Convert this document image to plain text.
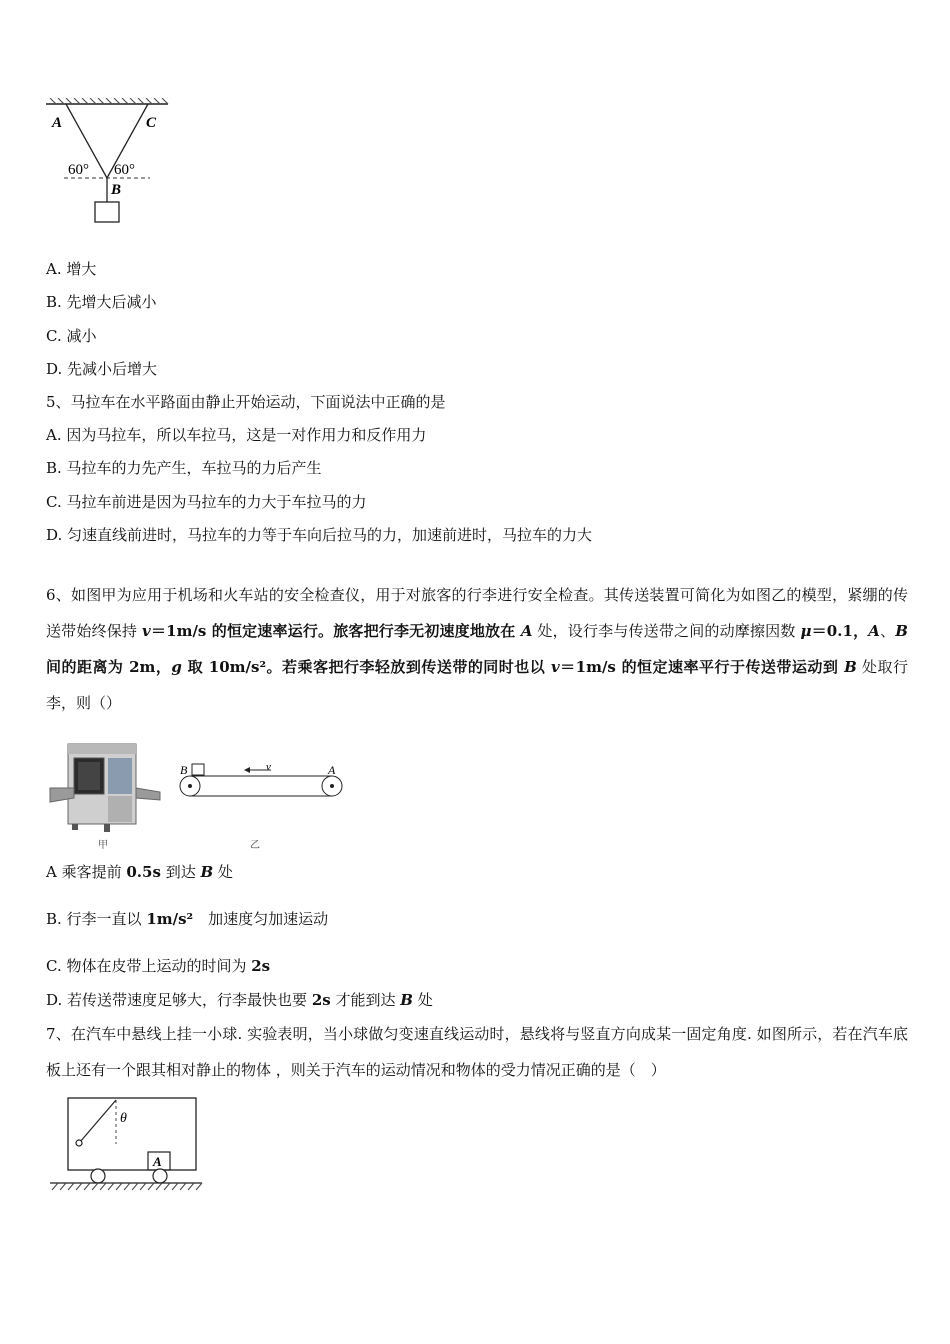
A	C
60° 60°
B
A. 增大
B. 先增大后减小
C. 减小
D. 先减小后增大
5、马拉车在水平路面由静止开始运动，下面说法中正确的是
A. 因为马拉车，所以车拉马，这是一对作用力和反作用力
B. 马拉车的力先产生，车拉马的力后产生
C. 马拉车前进是因为马拉车的力大于车拉马的力
D. 匀速直线前进时，马拉车的力等于车向后拉马的力，加速前进时，马拉车的力大
6、如图甲为应用于机场和火车站的安全检查仪，用于对旅客的行李进行安全检查。其传送装置可简化为如图乙的模型，紧绷的传送带始终保持 v＝1m/s 的恒定速率运行。旅客把行李无初速度地放在 A 处，设行李与传送带之间的动摩擦因数 μ＝0.1，A、B 间的距离为 2m，g 取 10m/s²。若乘客把行李轻放到传送带的同时也以 v＝1m/s 的恒定速率平行于传送带运动到 B 处取行李，则（）
甲
B	v	A
乙
A 乘客提前 0.5s 到达 B 处
B. 行李一直以 1m/s²　加速度匀加速运动
C. 物体在皮带上运动的时间为 2s
D. 若传送带速度足够大，行李最快也要 2s 才能到达 B 处
7、在汽车中悬线上挂一小球. 实验表明，当小球做匀变速直线运动时，悬线将与竖直方向成某一固定角度. 如图所示，若在汽车底板上还有一个跟其相对静止的物体 ，则关于汽车的运动情况和物体的受力情况正确的是（　）
θ
A
